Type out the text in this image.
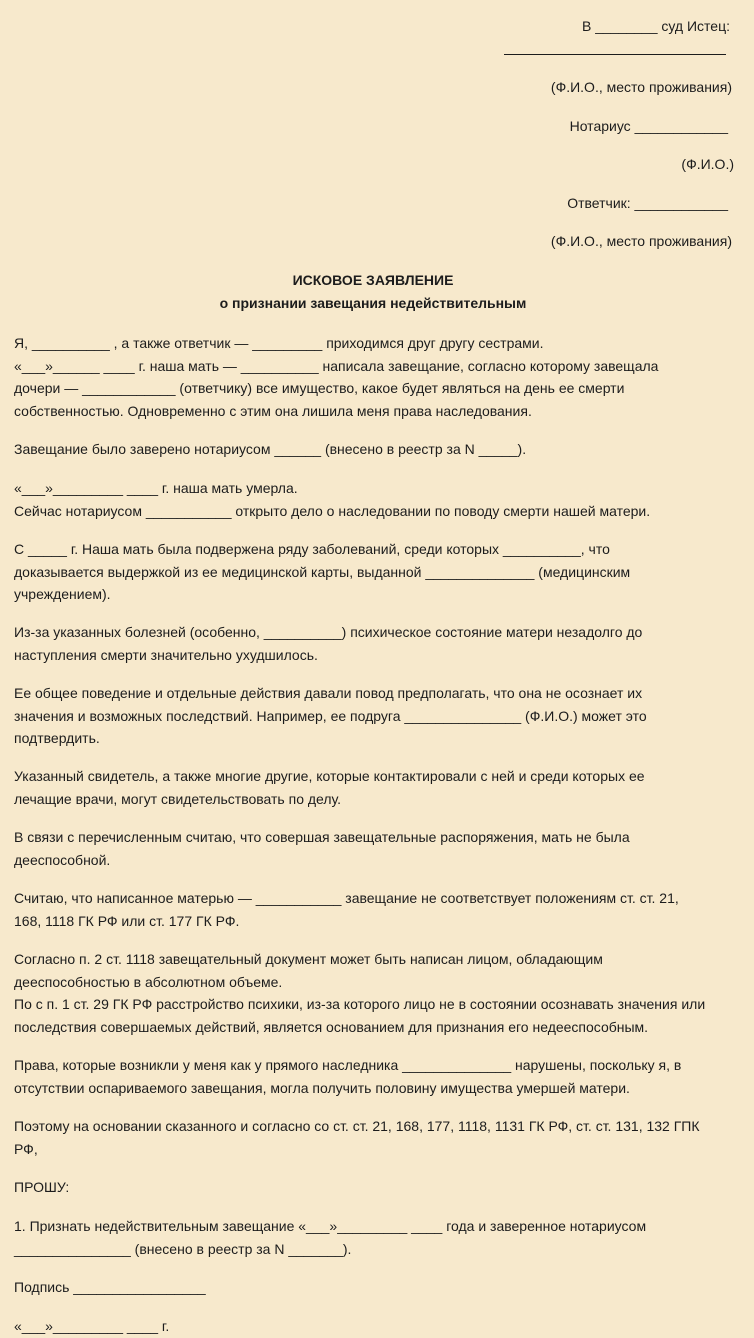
В ________ суд Истец:
(Ф.И.О., место проживания)
Нотариус ____________
(Ф.И.О.)
Ответчик: ____________
(Ф.И.О., место проживания)
ИСКОВОЕ ЗАЯВЛЕНИЕ
о признании завещания недействительным
Я, __________ , а также ответчик — _________ приходимся друг другу сестрами.
«___»______ ____ г. наша мать — __________ написала завещание, согласно которому завещала
дочери — ____________ (ответчику) все имущество, какое будет являться на день ее смерти
собственностью. Одновременно с этим она лишила меня права наследования.
Завещание было заверено нотариусом ______ (внесено в реестр за N _____).
«___»_________ ____ г. наша мать умерла.
Сейчас нотариусом ___________ открыто дело о наследовании по поводу смерти нашей матери.
С _____ г. Наша мать была подвержена ряду заболеваний, среди которых __________, что
доказывается выдержкой из ее медицинской карты, выданной ______________ (медицинским
учреждением).
Из-за указанных болезней (особенно, __________) психическое состояние матери незадолго до
наступления смерти значительно ухудшилось.
Ее общее поведение и отдельные действия давали повод предполагать, что она не осознает их
значения и возможных последствий. Например, ее подруга _______________ (Ф.И.О.) может это
подтвердить.
Указанный свидетель, а также многие другие, которые контактировали с ней и среди которых ее
лечащие врачи, могут свидетельствовать по делу.
В связи с перечисленным считаю, что совершая завещательные распоряжения, мать не была
дееспособной.
Считаю, что написанное матерью — ___________ завещание не соответствует положениям ст. ст. 21,
168, 1118 ГК РФ или ст. 177 ГК РФ.
Согласно п. 2 ст. 1118 завещательный документ может быть написан лицом, обладающим
дееспособностью в абсолютном объеме.
По с п. 1 ст. 29 ГК РФ расстройство психики, из-за которого лицо не в состоянии осознавать значения или
последствия совершаемых действий, является основанием для признания его недееспособным.
Права, которые возникли у меня как у прямого наследника ______________ нарушены, поскольку я, в
отсутствии оспариваемого завещания, могла получить половину имущества умершей матери.
Поэтому на основании сказанного и согласно со ст. ст. 21, 168, 177, 1118, 1131 ГК РФ, ст. ст. 131, 132 ГПК
РФ,
ПРОШУ:
1. Признать недействительным завещание «___»_________ ____ года и заверенное нотариусом
_______________ (внесено в реестр за N _______).
Подпись _________________
«___»_________ ____ г.
